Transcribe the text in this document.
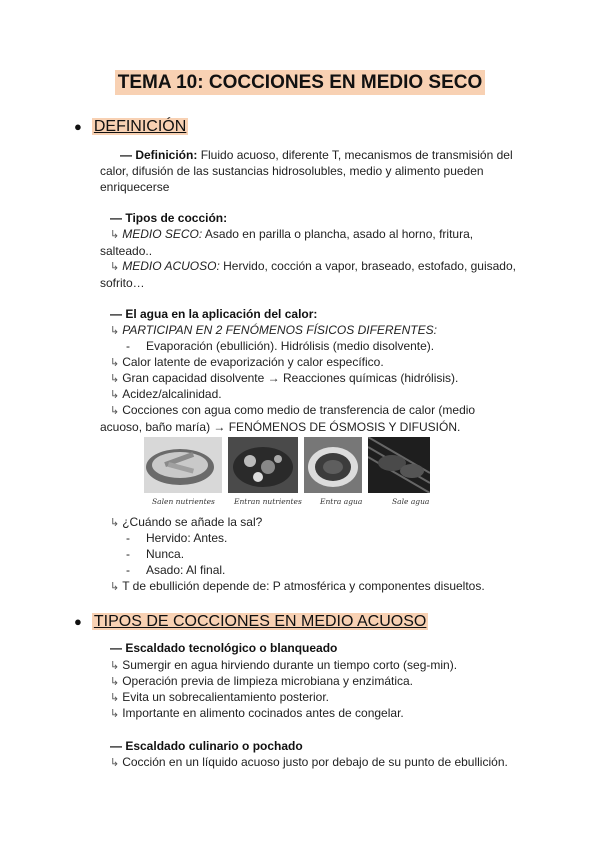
TEMA 10: COCCIONES EN MEDIO SECO
● DEFINICIÓN
— Definición: Fluido acuoso, diferente T, mecanismos de transmisión del calor, difusión de las sustancias hidrosolubles, medio y alimento pueden enriquecerse
— Tipos de cocción:
↳ MEDIO SECO: Asado en parilla o plancha, asado al horno, fritura, salteado..
↳ MEDIO ACUOSO: Hervido, cocción a vapor, braseado, estofado, guisado, sofrito…
— El agua en la aplicación del calor:
↳ PARTICIPAN EN 2 FENÓMENOS FÍSICOS DIFERENTES:
- Evaporación (ebullición). Hidrólisis (medio disolvente).
↳ Calor latente de evaporización y calor específico.
↳ Gran capacidad disolvente → Reacciones químicas (hidrólisis).
↳ Acidez/alcalinidad.
↳ Cocciones con agua como medio de transferencia de calor (medio acuoso, baño maría) → FENÓMENOS DE ÓSMOSIS Y DIFUSIÓN.
Salen nutrientes	Entran nutrientes Entra agua	Sale agua
↳ ¿Cuándo se añade la sal?
- Hervido: Antes.
- Nunca.
- Asado: Al final.
↳ T de ebullición depende de: P atmosférica y componentes disueltos.
● TIPOS DE COCCIONES EN MEDIO ACUOSO
— Escaldado tecnológico o blanqueado
↳ Sumergir en agua hirviendo durante un tiempo corto (seg-min).
↳ Operación previa de limpieza microbiana y enzimática.
↳ Evita un sobrecalientamiento posterior.
↳ Importante en alimento cocinados antes de congelar.
— Escaldado culinario o pochado
↳ Cocción en un líquido acuoso justo por debajo de su punto de ebullición.
